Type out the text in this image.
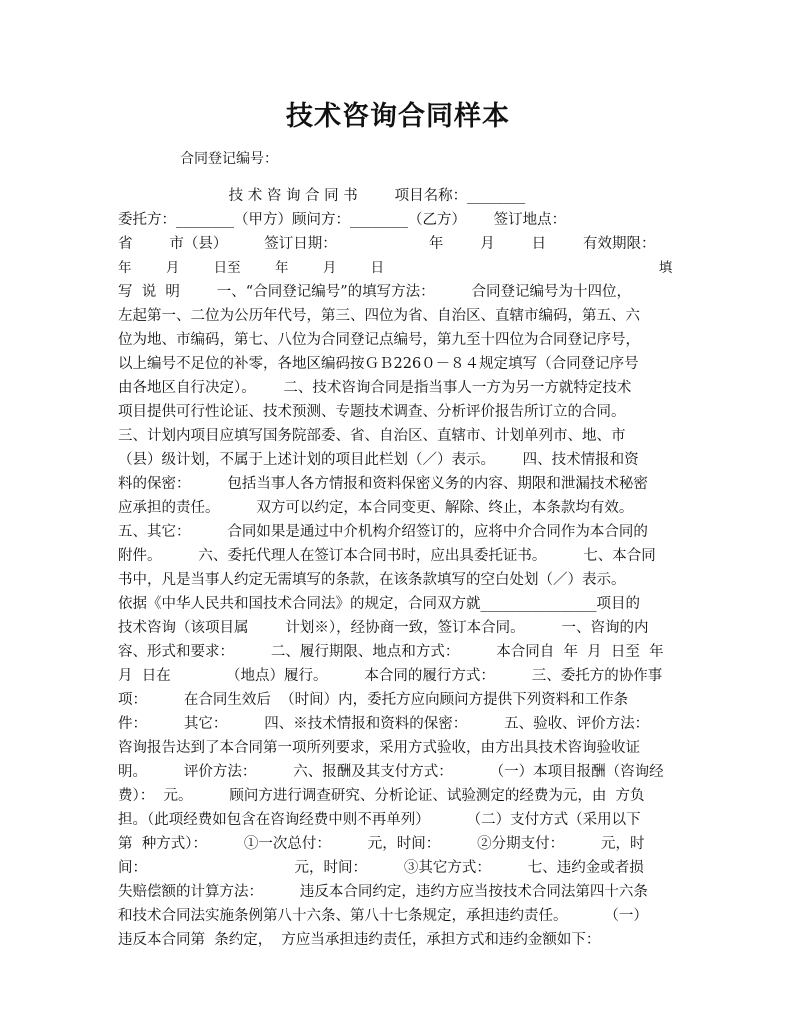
技术咨询合同样本
合同登记编号：
技 术 咨 询 合 同 书        项目名称：________
委托方：________（甲方）顾问方：________（乙方）      签订地点：
省        市（县）        签订日期：                    年        月        日        有效期限：
年        月        日至        年        月        日                                                                填
写  说  明        一、“合同登记编号”的填写方法：        合同登记编号为十四位，
左起第一、二位为公历年代号，第三、四位为省、自治区、直辖市编码，第五、六
位为地、市编码，第七、八位为合同登记点编号，第九至十四位为合同登记序号，
以上编号不足位的补零，各地区编码按ＧＢ226０－８４规定填写（合同登记序号
由各地区自行决定）。      二、技术咨询合同是指当事人一方为另一方就特定技术
项目提供可行性论证、技术预测、专题技术调查、分析评价报告所订立的合同。
三、计划内项目应填写国务院部委、省、自治区、直辖市、计划单列市、地、市
（县）级计划，不属于上述计划的项目此栏划（／）表示。      四、技术情报和资
料的保密：        包括当事人各方情报和资料保密义务的内容、期限和泄漏技术秘密
应承担的责任。        双方可以约定，本合同变更、解除、终止，本条款均有效。
五、其它：        合同如果是通过中介机构介绍签订的，应将中介合同作为本合同的
附件。        六、委托代理人在签订本合同书时，应出具委托证书。        七、本合同
书中，凡是当事人约定无需填写的条款，在该条款填写的空白处划（／）表示。
依据《中华人民共和国技术合同法》的规定，合同双方就________________项目的
技术咨询（该项目属        计划※），经协商一致，签订本合同。        一、咨询的内
容、形式和要求：        二、履行期限、地点和方式：        本合同自  年  月  日至  年
月  日在            （地点）履行。        本合同的履行方式：        三、委托方的协作事
项：        在合同生效后  （时间）内，委托方应向顾问方提供下列资料和工作条
件：        其它：        四、※技术情报和资料的保密：        五、验收、评价方法：
咨询报告达到了本合同第一项所列要求，采用方式验收，由方出具技术咨询验收证
明。        评价方法：        六、报酬及其支付方式：        （一）本项目报酬（咨询经
费）：  元。        顾问方进行调查研究、分析论证、试验测定的经费为元，由  方负
担。（此项经费如包含在咨询经费中则不再单列）        （二）支付方式（采用以下
第  种方式）：        ①一次总付：        元，时间：        ②分期支付：        元，时
间：                                元，时间：        ③其它方式：        七、违约金或者损
失赔偿额的计算方法：        违反本合同约定，违约方应当按技术合同法第四十六条
和技术合同法实施条例第八十六条、第八十七条规定，承担违约责任。        （一）
违反本合同第  条约定，  方应当承担违约责任，承担方式和违约金额如下：
